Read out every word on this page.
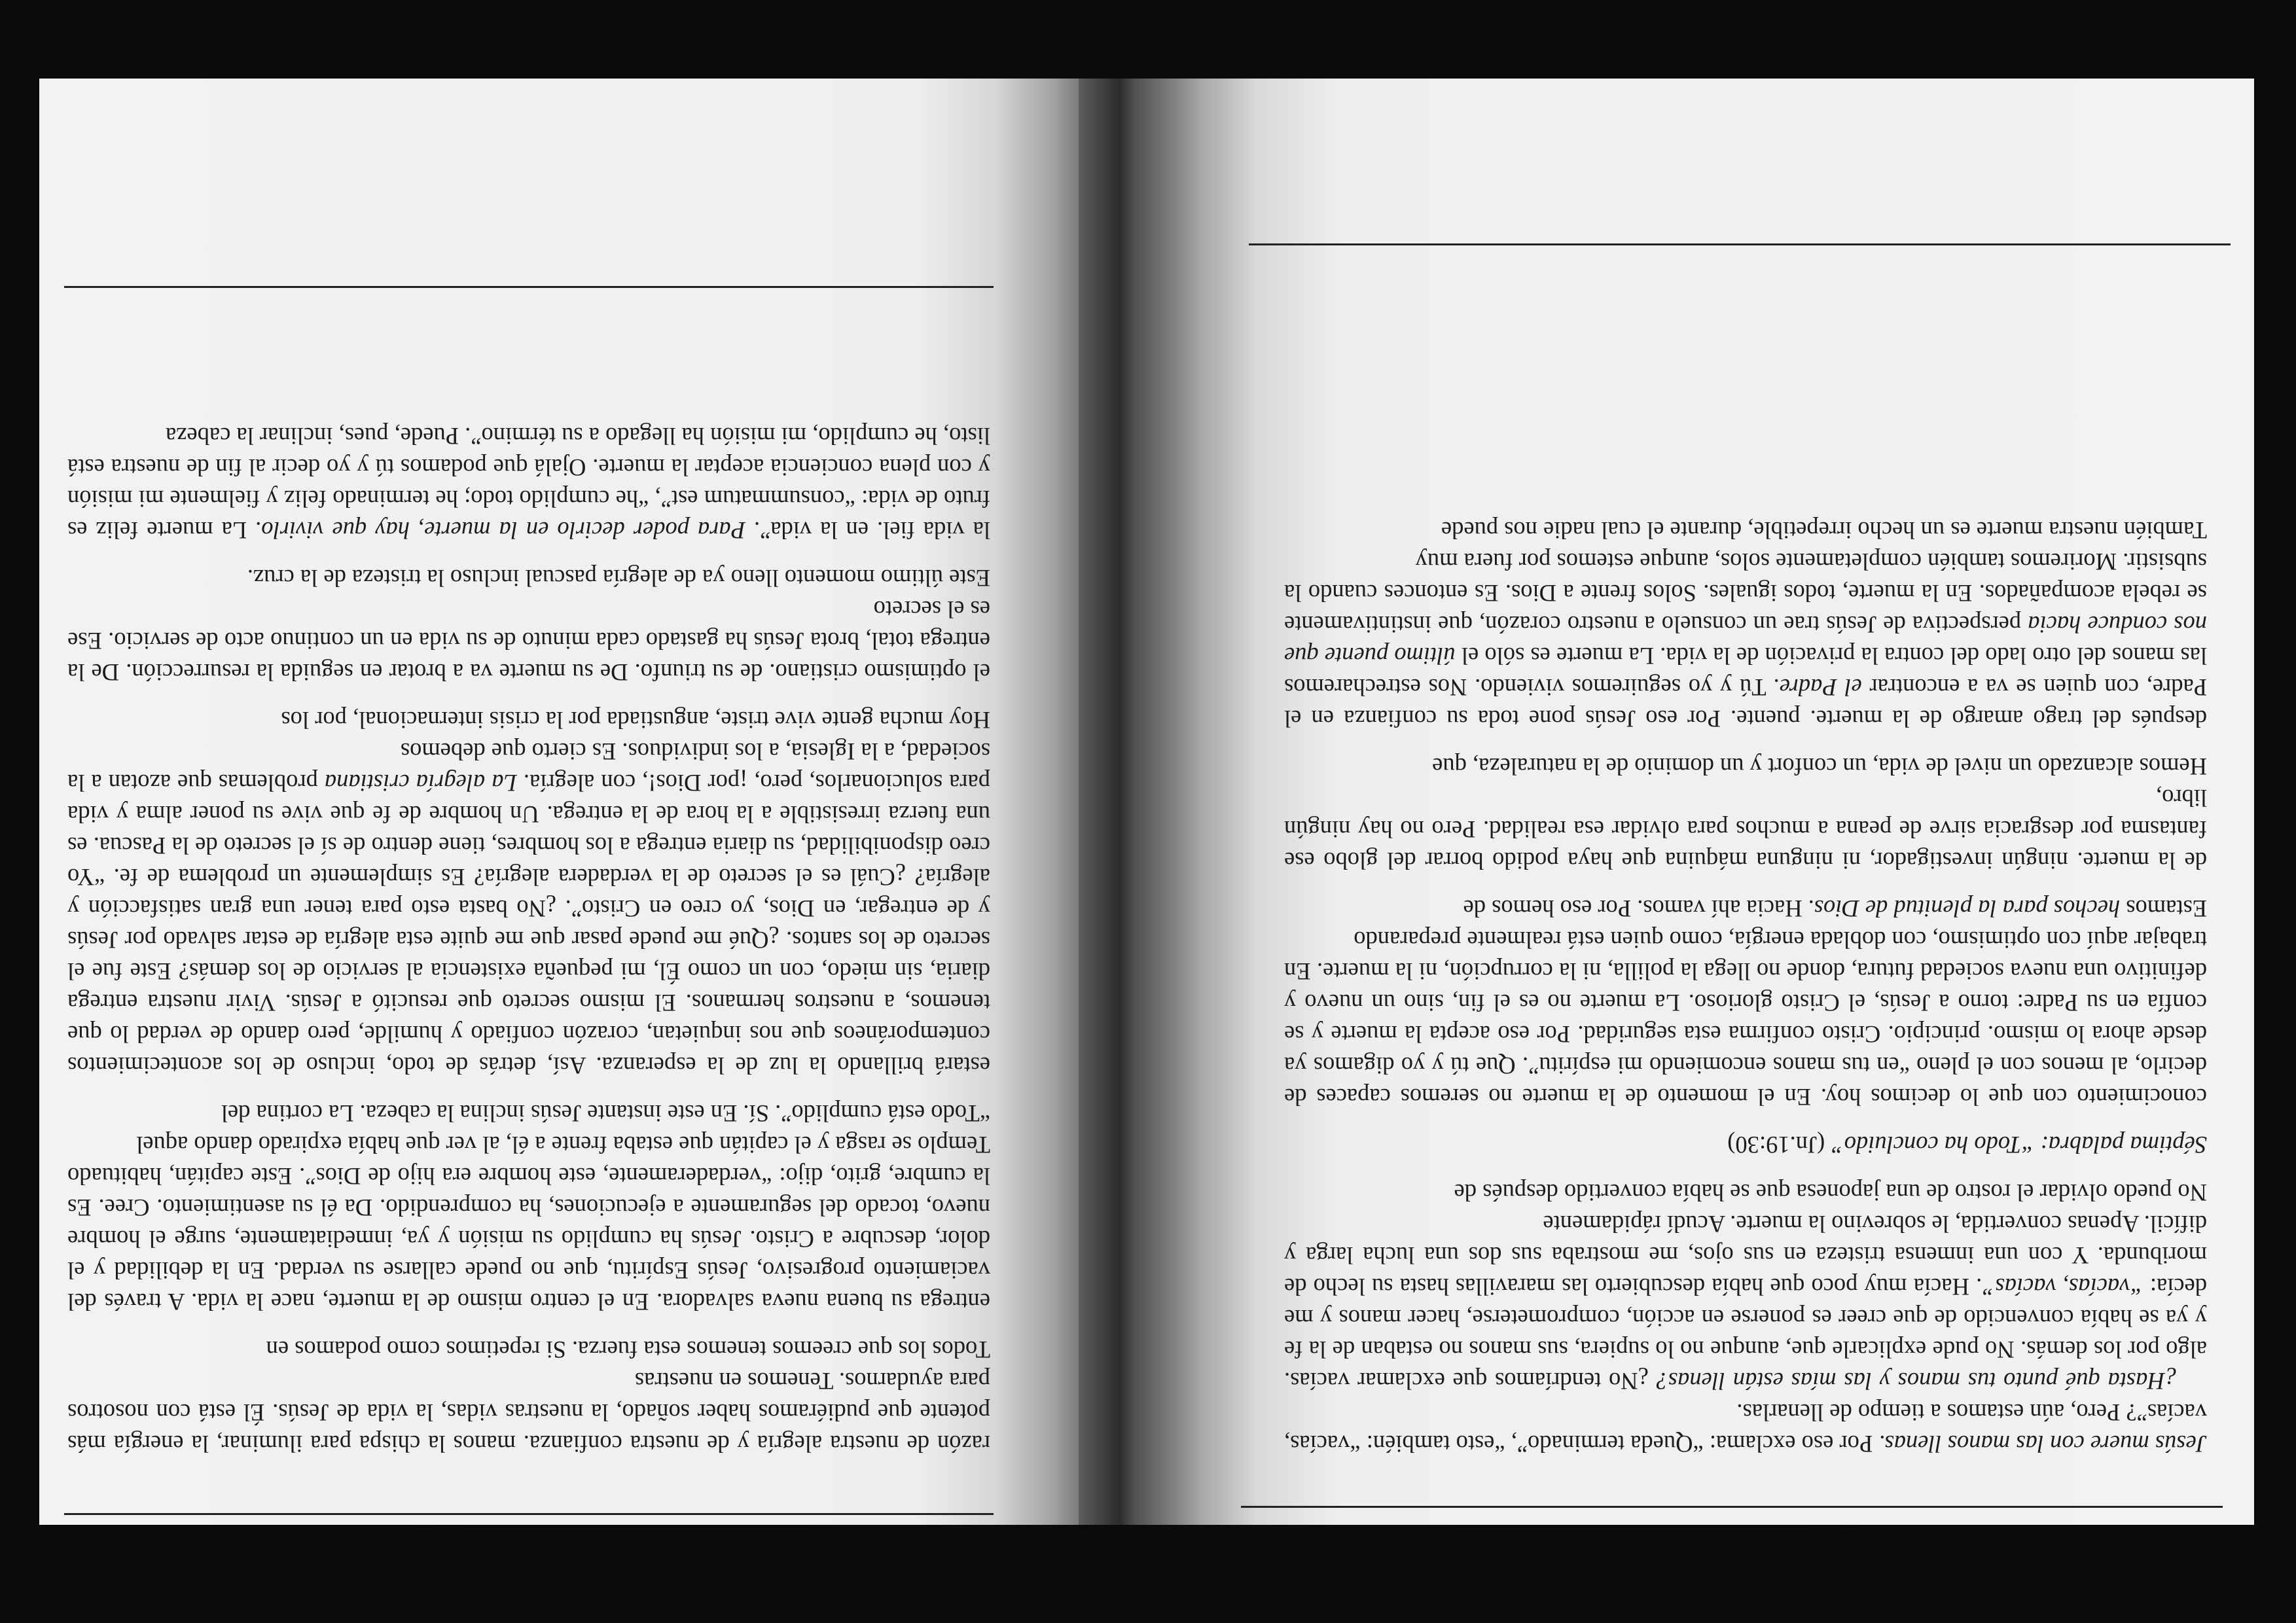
Jesús muere con las manos llenas. Por eso exclama: “Queda terminado”, “esto también: “vacías, vacías”? Pero, aún estamos a tiempo de llenarlas.

¿Hasta qué punto tus manos y las mías están llenas? ¿No tendríamos que exclamar vacías. algo por los demás. No pude explicarle que, aunque no lo supiera, sus manos no estaban de la fe y ya se había convencido de que creer es ponerse en acción, comprometerse, hacer manos y me decía: “vacías, vacías”. Hacía muy poco que había descubierto las maravillas hasta su lecho de moribunda. Y con una inmensa tristeza en sus ojos, me mostraba sus dos una lucha larga y difícil. Apenas convertida, le sobrevino la muerte. Acudí rápidamente

No puedo olvidar el rostro de una japonesa que se había convertido después de

Séptima palabra: “Todo ha concluido” (Jn.19:30)

conocimiento con que lo decimos hoy. En el momento de la muerte no seremos capaces de decirlo, al menos con el pleno “en tus manos encomiendo mi espíritu”. Que tú y yo digamos ya desde ahora lo mismo. principio. Cristo confirma esta seguridad. Por eso acepta la muerte y se confía en su Padre: torno a Jesús, el Cristo glorioso. La muerte no es el fin, sino un nuevo y definitivo una nueva sociedad futura, donde no llega la polilla, ni la corrupción, ni la muerte. En trabajar aquí con optimismo, con doblada energía, como quien está realmente preparando

Estamos hechos para la plenitud de Dios. Hacia ahí vamos. Por eso hemos de

de la muerte. ningún investigador, ni ninguna máquina que haya podido borrar del globo ese fantasma por desgracia sirve de peana a muchos para olvidar esa realidad. Pero no hay ningún libro,

Hemos alcanzado un nivel de vida, un confort y un dominio de la naturaleza, que

después del trago amargo de la muerte. puente. Por eso Jesús pone toda su confianza en el Padre, con quien se va a encontrar el Padre. Tú y yo seguiremos viviendo. Nos estrecharemos las manos del otro lado del contra la privación de la vida. La muerte es sólo el último puente que nos conduce hacia perspectiva de Jesús trae un consuelo a nuestro corazón, que instintivamente se rebela acompañados. En la muerte, todos iguales. Solos frente a Dios. Es entonces cuando la subsistir. Moriremos también completamente solos, aunque estemos por fuera muy

También nuestra muerte es un hecho irrepetible, durante el cual nadie nos puede

razón de nuestra alegría y de nuestra confianza. manos la chispa para iluminar, la energía más potente que pudiéramos haber soñado, la nuestras vidas, la vida de Jesús. Él está con nosotros para ayudarnos. Tenemos en nuestras

Todos los que creemos tenemos esta fuerza. Si repetimos como podamos en

entrega su buena nueva salvadora. En el centro mismo de la muerte, nace la vida. A través del vaciamiento progresivo, Jesús Espíritu, que no puede callarse su verdad. En la debilidad y el dolor, descubre a Cristo. Jesús ha cumplido su misión y ya, inmediatamente, surge el hombre nuevo, tocado del seguramente a ejecuciones, ha comprendido. Da él su asentimiento. Cree. Es la cumbre, grito, dijo: “verdaderamente, este hombre era hijo de Dios”. Este capitán, habituado Templo se rasga y el capitán que estaba frente a él, al ver que había expirado dando aquel

“Todo está cumplido”. Sí. En este instante Jesús inclina la cabeza. La cortina del

estará brillando la luz de la esperanza. Así, detrás de todo, incluso de los acontecimientos contemporáneos que nos inquietan, corazón confiado y humilde, pero dando de verdad lo que tenemos, a nuestros hermanos. El mismo secreto que resucitó a Jesús. Vivir nuestra entrega diaria, sin miedo, con un como Él, mi pequeña existencia al servicio de los demás? Este fue el secreto de los santos. ¿Qué me puede pasar que me quite esta alegría de estar salvado por Jesús y de entregar, en Dios, yo creo en Cristo”. ¿No basta esto para tener una gran satisfacción y alegría? ¿Cuál es el secreto de la verdadera alegría? Es simplemente un problema de fe. “Yo creo disponibilidad, su diaria entrega a los hombres, tiene dentro de sí el secreto de la Pascua. es una fuerza irresistible a la hora de la entrega. Un hombre de fe que vive su poner alma y vida para solucionarlos, pero, ¡por Dios!, con alegría. La alegría cristiana problemas que azotan a la sociedad, a la Iglesia, a los individuos. Es cierto que debemos

Hoy mucha gente vive triste, angustiada por la crisis internacional, por los

el optimismo cristiano. de su triunfo. De su muerte va a brotar en seguida la resurrección. De la entrega total, brota Jesús ha gastado cada minuto de su vida en un continuo acto de servicio. Ese es el secreto

Este último momento lleno ya de alegría pascual incluso la tristeza de la cruz.

la vida fiel. en la vida”. Para poder decirlo en la muerte, hay que vivirlo. La muerte feliz es fruto de vida: “consummatum est”, “he cumplido todo; he terminado feliz y fielmente mi misión y con plena conciencia aceptar la muerte. Ojalá que podamos tú y yo decir al fin de nuestra está listo, he cumplido, mi misión ha llegado a su término”. Puede, pues, inclinar la cabeza
